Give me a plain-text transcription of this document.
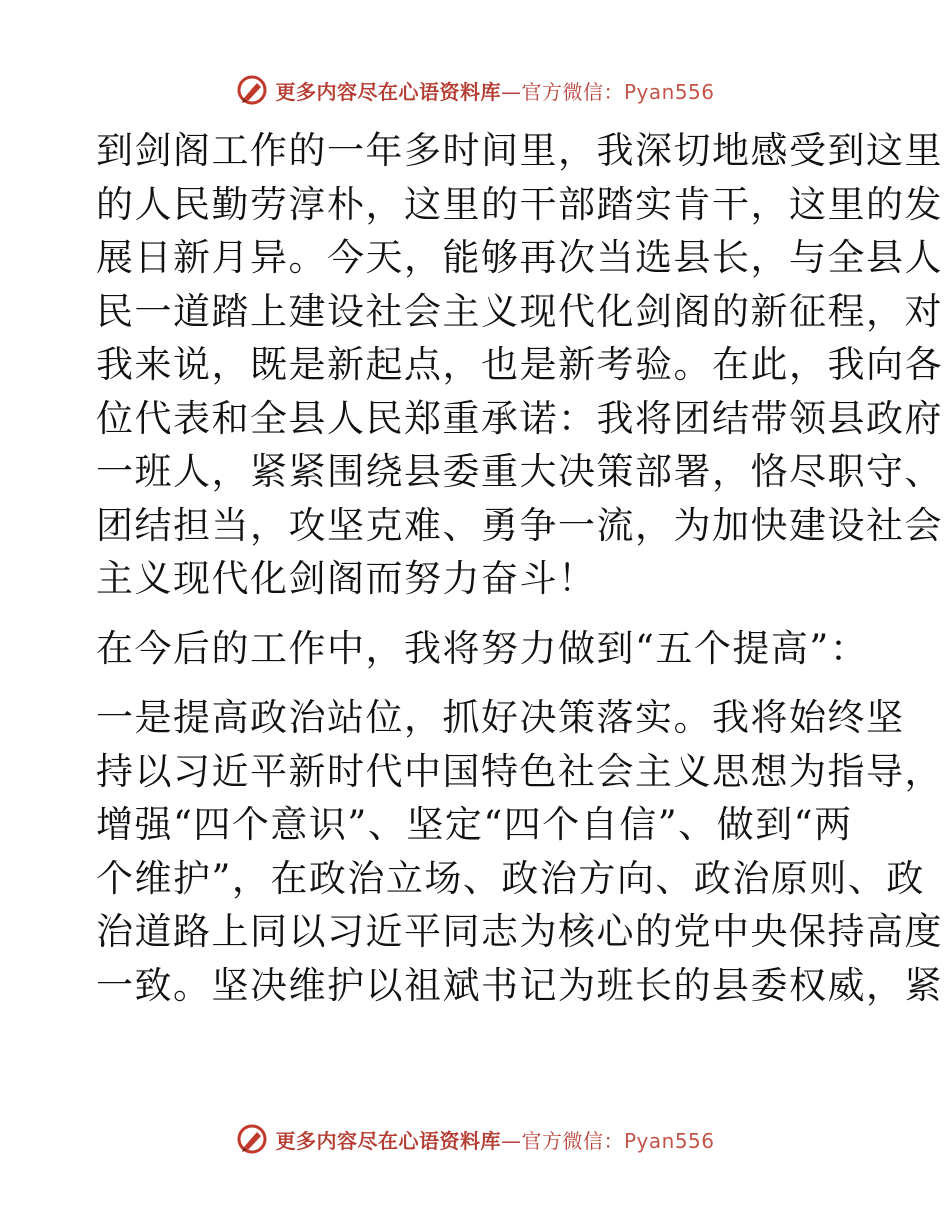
更多内容尽在心语资料库—官方微信：Pyan556
到剑阁工作的一年多时间里，我深切地感受到这里
的人民勤劳淳朴，这里的干部踏实肯干，这里的发
展日新月异。今天，能够再次当选县长，与全县人
民一道踏上建设社会主义现代化剑阁的新征程，对
我来说，既是新起点，也是新考验。在此，我向各
位代表和全县人民郑重承诺：我将团结带领县政府
一班人，紧紧围绕县委重大决策部署，恪尽职守、
团结担当，攻坚克难、勇争一流，为加快建设社会
主义现代化剑阁而努力奋斗！
在今后的工作中，我将努力做到“五个提高”：
一是提高政治站位，抓好决策落实。我将始终坚
持以习近平新时代中国特色社会主义思想为指导，
增强“四个意识”、坚定“四个自信”、做到“两
个维护”，在政治立场、政治方向、政治原则、政
治道路上同以习近平同志为核心的党中央保持高度
一致。坚决维护以祖斌书记为班长的县委权威，紧
更多内容尽在心语资料库—官方微信：Pyan556
